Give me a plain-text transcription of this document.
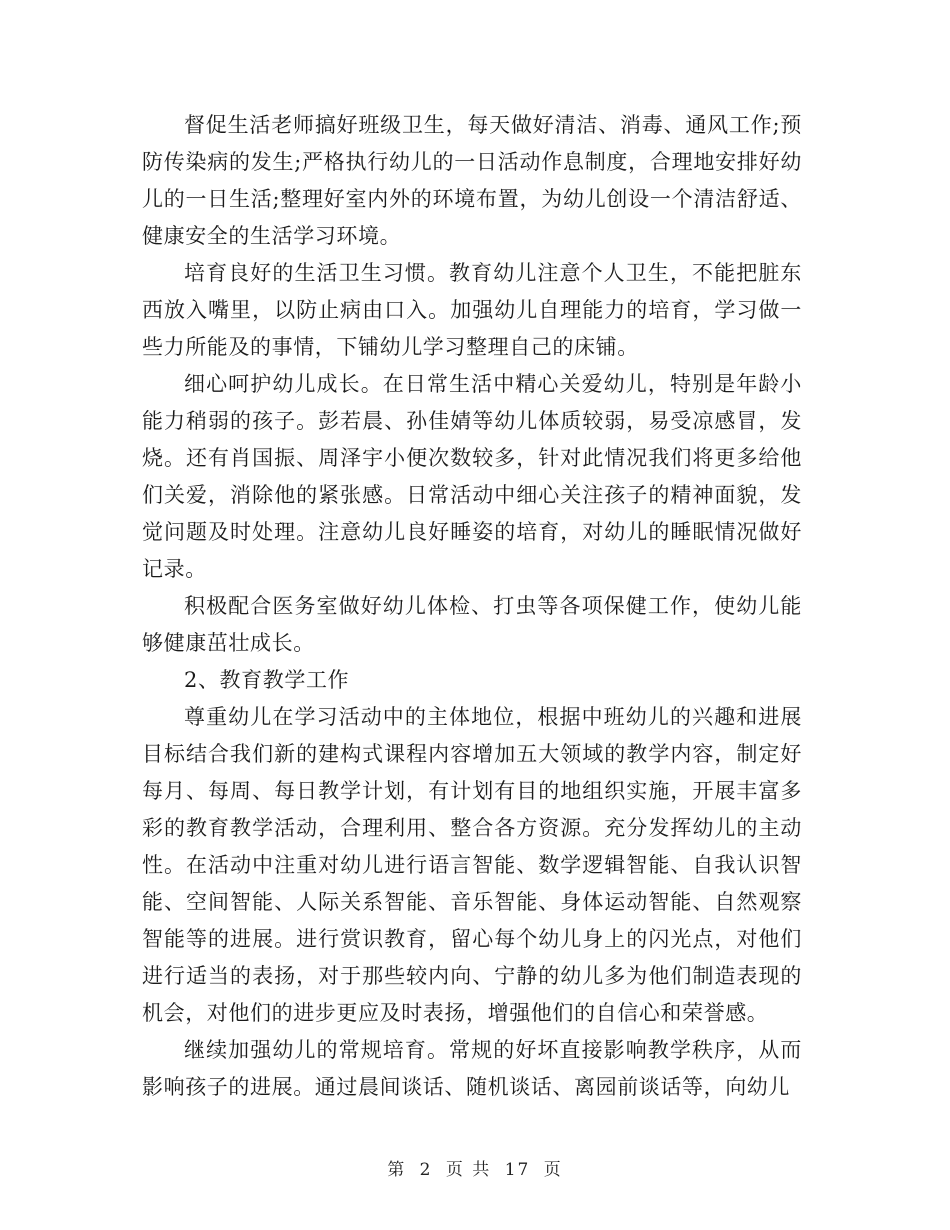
督促生活老师搞好班级卫生，每天做好清洁、消毒、通风工作;预防传染病的发生;严格执行幼儿的一日活动作息制度，合理地安排好幼儿的一日生活;整理好室内外的环境布置，为幼儿创设一个清洁舒适、健康安全的生活学习环境。

培育良好的生活卫生习惯。教育幼儿注意个人卫生，不能把脏东西放入嘴里，以防止病由口入。加强幼儿自理能力的培育，学习做一些力所能及的事情，下铺幼儿学习整理自己的床铺。

细心呵护幼儿成长。在日常生活中精心关爱幼儿，特别是年龄小能力稍弱的孩子。彭若晨、孙佳婧等幼儿体质较弱，易受凉感冒，发烧。还有肖国振、周泽宇小便次数较多，针对此情况我们将更多给他们关爱，消除他的紧张感。日常活动中细心关注孩子的精神面貌，发觉问题及时处理。注意幼儿良好睡姿的培育，对幼儿的睡眠情况做好记录。

积极配合医务室做好幼儿体检、打虫等各项保健工作，使幼儿能够健康茁壮成长。

2、教育教学工作

尊重幼儿在学习活动中的主体地位，根据中班幼儿的兴趣和进展目标结合我们新的建构式课程内容增加五大领域的教学内容，制定好每月、每周、每日教学计划，有计划有目的地组织实施，开展丰富多彩的教育教学活动，合理利用、整合各方资源。充分发挥幼儿的主动性。在活动中注重对幼儿进行语言智能、数学逻辑智能、自我认识智能、空间智能、人际关系智能、音乐智能、身体运动智能、自然观察智能等的进展。进行赏识教育，留心每个幼儿身上的闪光点，对他们进行适当的表扬，对于那些较内向、宁静的幼儿多为他们制造表现的机会，对他们的进步更应及时表扬，增强他们的自信心和荣誉感。

继续加强幼儿的常规培育。常规的好坏直接影响教学秩序，从而影响孩子的进展。通过晨间谈话、随机谈话、离园前谈话等，向幼儿

第 2 页 共 17 页
